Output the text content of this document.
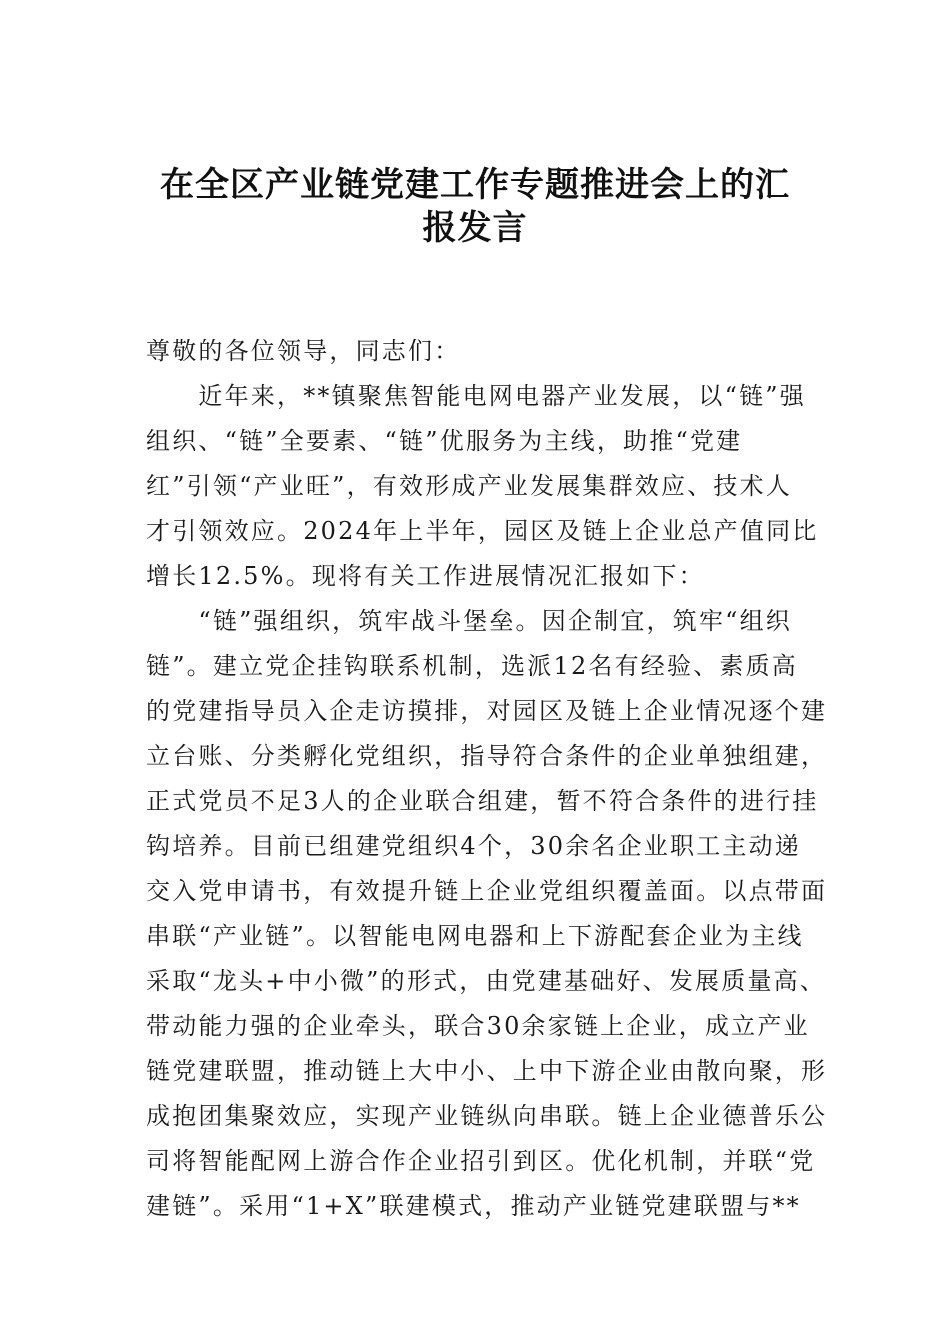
在全区产业链党建工作专题推进会上的汇
报发言
尊敬的各位领导，同志们：
　　近年来，**镇聚焦智能电网电器产业发展，以“链”强
组织、“链”全要素、“链”优服务为主线，助推“党建
红”引领“产业旺”，有效形成产业发展集群效应、技术人
才引领效应。2024年上半年，园区及链上企业总产值同比
增长12.5%。现将有关工作进展情况汇报如下：
　　“链”强组织，筑牢战斗堡垒。因企制宜，筑牢“组织
链”。建立党企挂钩联系机制，选派12名有经验、素质高
的党建指导员入企走访摸排，对园区及链上企业情况逐个建
立台账、分类孵化党组织，指导符合条件的企业单独组建，
正式党员不足3人的企业联合组建，暂不符合条件的进行挂
钩培养。目前已组建党组织4个，30余名企业职工主动递
交入党申请书，有效提升链上企业党组织覆盖面。以点带面
串联“产业链”。以智能电网电器和上下游配套企业为主线
采取“龙头+中小微”的形式，由党建基础好、发展质量高、
带动能力强的企业牵头，联合30余家链上企业，成立产业
链党建联盟，推动链上大中小、上中下游企业由散向聚，形
成抱团集聚效应，实现产业链纵向串联。链上企业德普乐公
司将智能配网上游合作企业招引到区。优化机制，并联“党
建链”。采用“1+X”联建模式，推动产业链党建联盟与**
